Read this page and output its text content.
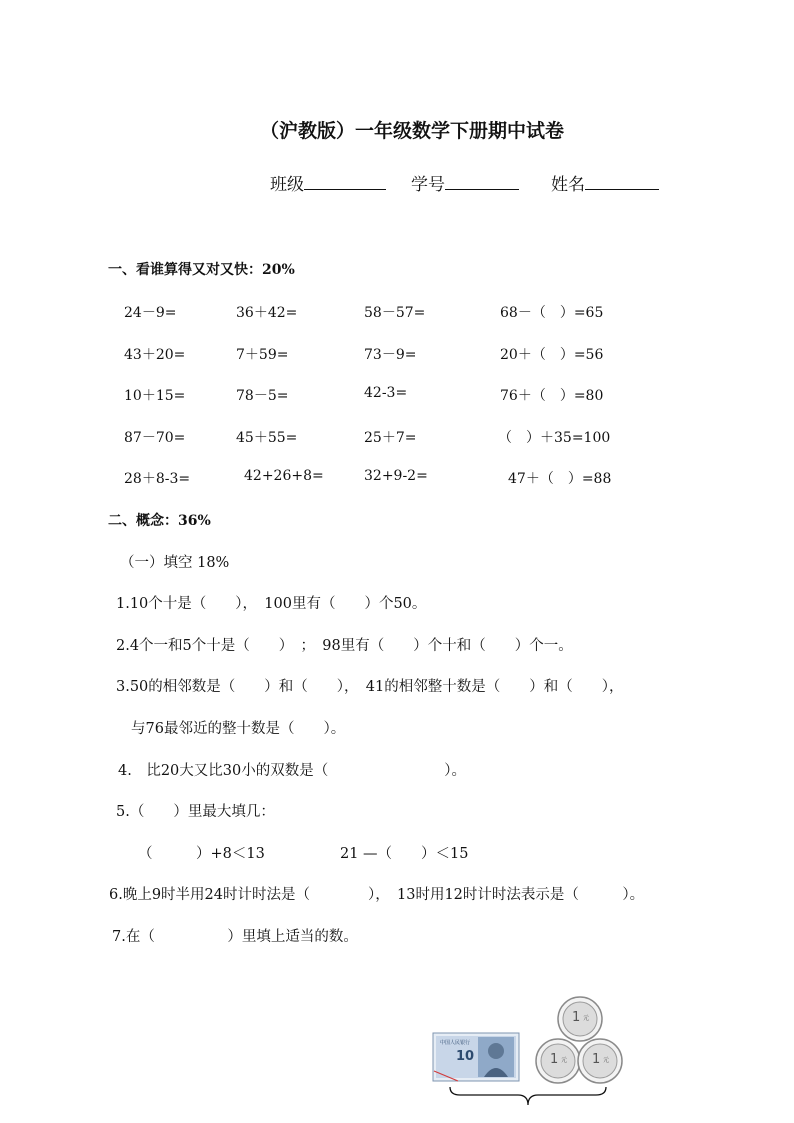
（沪教版）一年级数学下册期中试卷
班级	学号	姓名
一、看谁算得又对又快：20%
24－9=	36＋42=	58－57=	68－（　）=65
43＋20=	7＋59=	73－9=	20＋（　）=56
10＋15=	78－5=	42-3=	76＋（　）=80
87－70=	45＋55=	25＋7=	（　）＋35=100
28＋8-3=	42+26+8=	32+9-2=	47＋（　）=88
二、概念：36%
（一）填空 18%
1.10个十是（　　），　100里有（　　）个50。
2.4个一和5个十是（　　）　；　98里有（　　）个十和（　　）个一。
3.50的相邻数是（　　）和（　　），　41的相邻整十数是（　　）和（　　），
与76最邻近的整十数是（　　）。
4.　比20大又比30小的双数是（　　　　　　　　）。
5.（　　）里最大填几：
（　　　）+8＜13	21 —（　　）＜15
6.晚上9时半用24时计时法是（　　　　），　13时用12时计时法表示是（　　　）。
7.在（　　　　　）里填上适当的数。
10
中国人民银行
1 元
1 元 1 元
